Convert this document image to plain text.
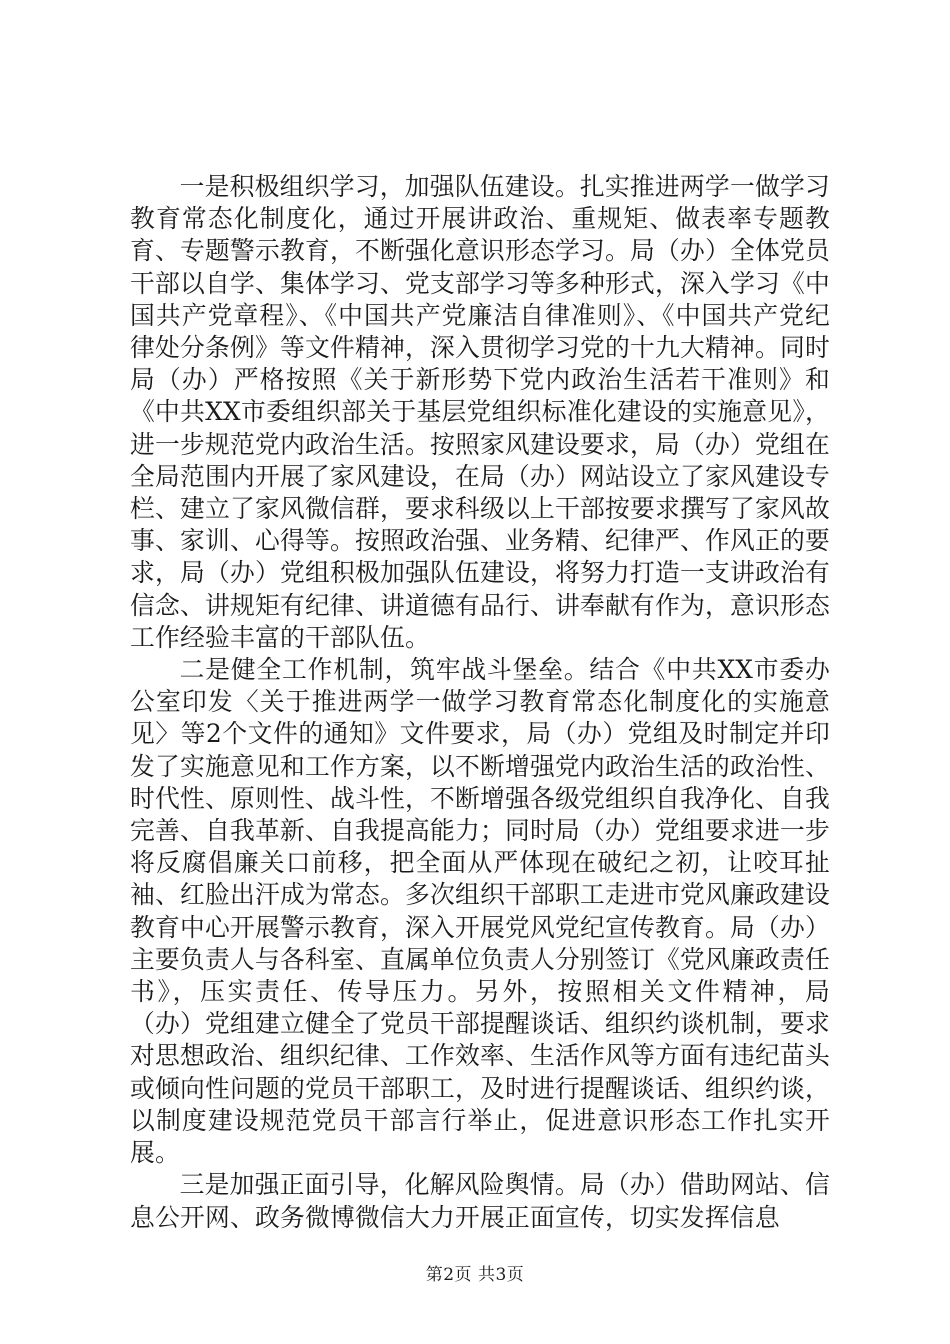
一是积极组织学习，加强队伍建设。扎实推进两学一做学习教育常态化制度化，通过开展讲政治、重规矩、做表率专题教育、专题警示教育，不断强化意识形态学习。局（办）全体党员干部以自学、集体学习、党支部学习等多种形式，深入学习《中国共产党章程》、《中国共产党廉洁自律准则》、《中国共产党纪律处分条例》等文件精神，深入贯彻学习党的十九大精神。同时局（办）严格按照《关于新形势下党内政治生活若干准则》和《中共XX市委组织部关于基层党组织标准化建设的实施意见》，进一步规范党内政治生活。按照家风建设要求，局（办）党组在全局范围内开展了家风建设，在局（办）网站设立了家风建设专栏、建立了家风微信群，要求科级以上干部按要求撰写了家风故事、家训、心得等。按照政治强、业务精、纪律严、作风正的要求，局（办）党组积极加强队伍建设，将努力打造一支讲政治有信念、讲规矩有纪律、讲道德有品行、讲奉献有作为，意识形态工作经验丰富的干部队伍。

二是健全工作机制，筑牢战斗堡垒。结合《中共XX市委办公室印发〈关于推进两学一做学习教育常态化制度化的实施意见〉等2个文件的通知》文件要求，局（办）党组及时制定并印发了实施意见和工作方案，以不断增强党内政治生活的政治性、时代性、原则性、战斗性，不断增强各级党组织自我净化、自我完善、自我革新、自我提高能力；同时局（办）党组要求进一步将反腐倡廉关口前移，把全面从严体现在破纪之初，让咬耳扯袖、红脸出汗成为常态。多次组织干部职工走进市党风廉政建设教育中心开展警示教育，深入开展党风党纪宣传教育。局（办）主要负责人与各科室、直属单位负责人分别签订《党风廉政责任书》，压实责任、传导压力。另外，按照相关文件精神，局（办）党组建立健全了党员干部提醒谈话、组织约谈机制，要求对思想政治、组织纪律、工作效率、生活作风等方面有违纪苗头或倾向性问题的党员干部职工，及时进行提醒谈话、组织约谈，以制度建设规范党员干部言行举止，促进意识形态工作扎实开展。

三是加强正面引导，化解风险舆情。局（办）借助网站、信息公开网、政务微博微信大力开展正面宣传，切实发挥信息

第2页 共3页
